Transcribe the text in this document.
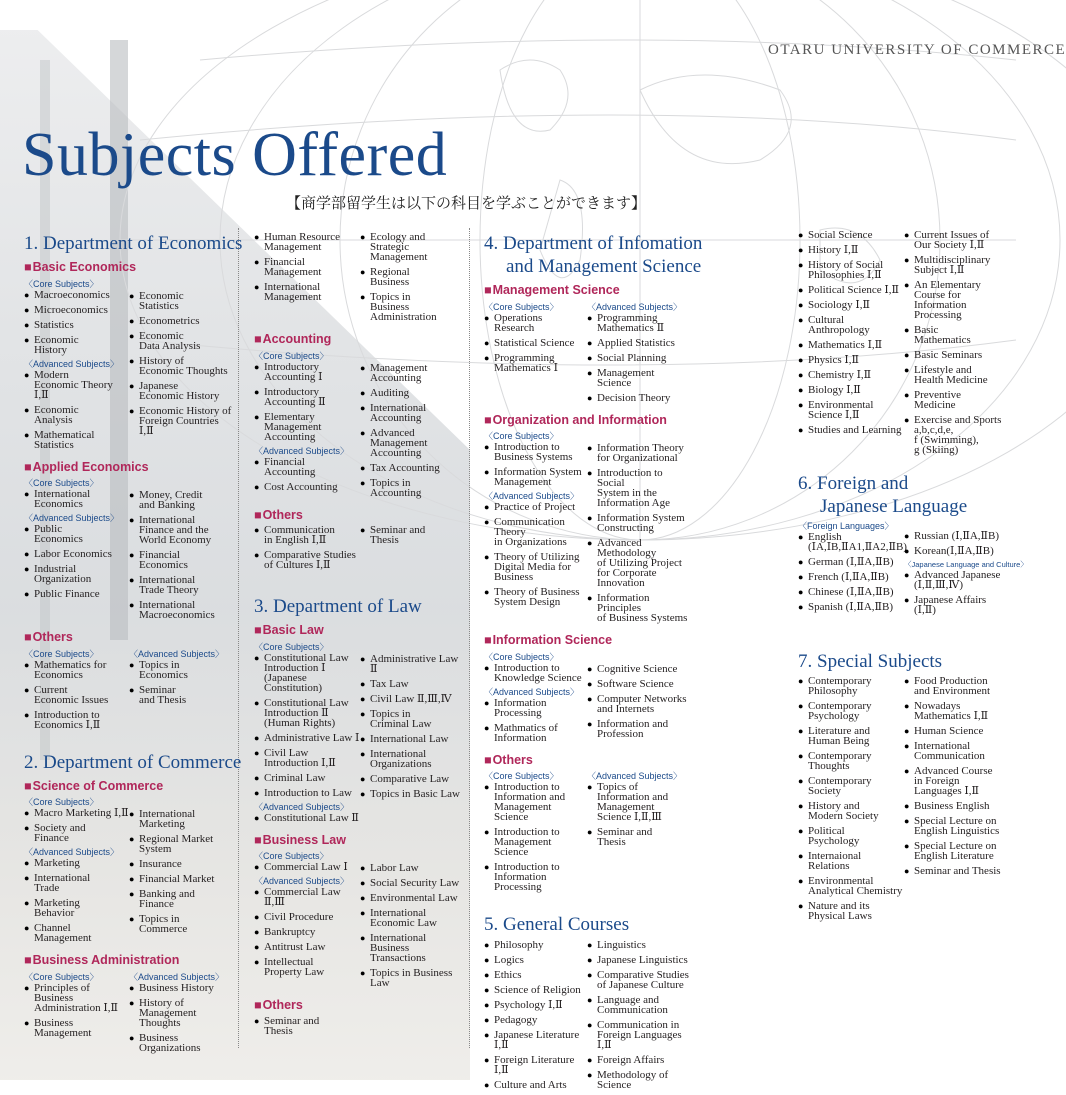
OTARU UNIVERSITY OF COMMERCE
Subjects Offered
【商学部留学生は以下の科目を学ぶことができます】
1. Department of Economics
■ Basic Economics
〈Core Subjects〉
● Macroeconomics
● Microeconomics
● Statistics
● Economic
History
〈Advanced Subjects〉
● Modern
Economic Theory Ⅰ,Ⅱ
● Economic
Analysis
● Mathematical
Statistics
● Economic
Statistics
● Econometrics
● Economic
Data Analysis
● History of
Economic Thoughts
● Japanese
Economic History
● Economic History of
Foreign Countries Ⅰ,Ⅱ
■ Applied Economics
〈Core Subjects〉
● International
Economics
〈Advanced Subjects〉
● Public
Economics
● Labor Economics
● Industrial
Organization
● Public Finance
● Money, Credit
and Banking
● International
Finance and the
World Economy
● Financial
Economics
● International
Trade Theory
● International
Macroeconomics
■ Others
〈Core Subjects〉
● Mathematics for
Economics
● Current
Economic Issues
● Introduction to
Economics Ⅰ,Ⅱ
〈Advanced Subjects〉
● Topics in
Economics
● Seminar
and Thesis
2. Department of Commerce
■ Science of Commerce
〈Core Subjects〉
● Macro Marketing Ⅰ,Ⅱ
● Society and
Finance
〈Advanced Subjects〉
● Marketing
● International
Trade
● Marketing
Behavior
● Channel
Management
● International
Marketing
● Regional Market
System
● Insurance
● Financial Market
● Banking and
Finance
● Topics in
Commerce
■ Business Administration
〈Core Subjects〉
● Principles of Business
Administration Ⅰ,Ⅱ
● Business
Management
〈Advanced Subjects〉
● Business History
● History of
Management Thoughts
● Business
Organizations
● Human Resource
Management
● Financial
Management
● International
Management
● Ecology and Strategic
Management
● Regional
Business
● Topics in
Business Administration
■ Accounting
〈Core Subjects〉
● Introductory
Accounting Ⅰ
● Introductory
Accounting Ⅱ
● Elementary Management
Accounting
〈Advanced Subjects〉
● Financial
Accounting
● Cost Accounting
● Management
Accounting
● Auditing
● International
Accounting
● Advanced Management
Accounting
● Tax Accounting
● Topics in
Accounting
■ Others
● Communication
in English Ⅰ,Ⅱ
● Comparative Studies
of Cultures Ⅰ,Ⅱ
● Seminar and
Thesis
3. Department of Law
■ Basic Law
〈Core Subjects〉
● Constitutional Law Introduction Ⅰ
(Japanese Constitution)
● Constitutional Law Introduction Ⅱ
(Human Rights)
● Administrative Law Ⅰ
● Civil Law Introduction Ⅰ,Ⅱ
● Criminal Law
● Introduction to Law
〈Advanced Subjects〉
● Constitutional Law Ⅱ
● Administrative Law Ⅱ
● Tax Law
● Civil Law Ⅱ,Ⅲ,Ⅳ
● Topics in
Criminal Law
● International Law
● International
Organizations
● Comparative Law
● Topics in Basic Law
■ Business Law
〈Core Subjects〉
● Commercial Law Ⅰ
〈Advanced Subjects〉
● Commercial Law Ⅱ,Ⅲ
● Civil Procedure
● Bankruptcy
● Antitrust Law
● Intellectual
Property Law
● Labor Law
● Social Security Law
● Environmental Law
● International
Economic Law
● International Business
Transactions
● Topics in Business Law
■ Others
● Seminar and
Thesis
4. Department of Infomation
and Management Science
■ Management Science
〈Core Subjects〉
● Operations
Research
● Statistical Science
● Programming
Mathematics Ⅰ
〈Advanced Subjects〉
● Programming
Mathematics Ⅱ
● Applied Statistics
● Social Planning
● Management Science
● Decision Theory
■ Organization and Information
〈Core Subjects〉
● Introduction to
Business Systems
● Information System
Management
〈Advanced Subjects〉
● Practice of Project
● Communication Theory
in Organizations
● Theory of Utilizing
Digital Media for Business
● Theory of Business
System Design
● Information Theory
for Organizational
● Introduction to Social
System in the
Information Age
● Information System
Constructing
● Advanced Methodology
of Utilizing Project
for Corporate Innovation
● Information Principles
of Business Systems
■ Information Science
〈Core Subjects〉
● Introduction to
Knowledge Science
〈Advanced Subjects〉
● Information
Processing
● Mathmatics of
Information
● Cognitive Science
● Software Science
● Computer Networks
and Internets
● Information and
Profession
■ Others
〈Core Subjects〉
● Introduction to
Information and
Management Science
● Introduction to
Management Science
● Introduction to
Information Processing
〈Advanced Subjects〉
● Topics of Information and
Management Science Ⅰ,Ⅱ,Ⅲ
● Seminar and
Thesis
5. General Courses
● Philosophy
● Logics
● Ethics
● Science of Religion
● Psychology Ⅰ,Ⅱ
● Pedagogy
● Japanese Literature Ⅰ,Ⅱ
● Foreign Literature Ⅰ,Ⅱ
● Culture and Arts
● Linguistics
● Japanese Linguistics
● Comparative Studies
of Japanese Culture
● Language and
Communication
● Communication in
Foreign Languages Ⅰ,Ⅱ
● Foreign Affairs
● Methodology of Science
● Social Science
● History Ⅰ,Ⅱ
● History of Social
Philosophies Ⅰ,Ⅱ
● Political Science Ⅰ,Ⅱ
● Sociology Ⅰ,Ⅱ
● Cultural Anthropology
● Mathematics Ⅰ,Ⅱ
● Physics Ⅰ,Ⅱ
● Chemistry Ⅰ,Ⅱ
● Biology Ⅰ,Ⅱ
● Environmental
Science Ⅰ,Ⅱ
● Studies and Learning
● Current Issues of
Our Society Ⅰ,Ⅱ
● Multidisciplinary
Subject Ⅰ,Ⅱ
● An Elementary Course for
Information Processing
● Basic
Mathematics
● Basic Seminars
● Lifestyle and
Health Medicine
● Preventive
Medicine
● Exercise and Sports
a,b,c,d,e,
f (Swimming),
g (Skiing)
6. Foreign and
Japanese Language
〈Foreign Languages〉
● English
(ⅠA,ⅠB,ⅡA1,ⅡA2,ⅡB)
● German (Ⅰ,ⅡA,ⅡB)
● French (Ⅰ,ⅡA,ⅡB)
● Chinese (Ⅰ,ⅡA,ⅡB)
● Spanish (Ⅰ,ⅡA,ⅡB)
● Russian (Ⅰ,ⅡA,ⅡB)
● Korean(Ⅰ,ⅡA,ⅡB)
〈Japanese Language and Culture〉
● Advanced Japanese
(Ⅰ,Ⅱ,Ⅲ,Ⅳ)
● Japanese Affairs (Ⅰ,Ⅱ)
7. Special Subjects
● Contemporary
Philosophy
● Contemporary
Psychology
● Literature and
Human Being
● Contemporary
Thoughts
● Contemporary
Society
● History and
Modern Society
● Political
Psychology
● Internaional
Relations
● Environmental
Analytical Chemistry
● Nature and its
Physical Laws
● Food Production
and Environment
● Nowadays
Mathematics Ⅰ,Ⅱ
● Human Science
● International
Communication
● Advanced Course
in Foreign
Languages Ⅰ,Ⅱ
● Business English
● Special Lecture on
English Linguistics
● Special Lecture on
English Literature
● Seminar and Thesis
